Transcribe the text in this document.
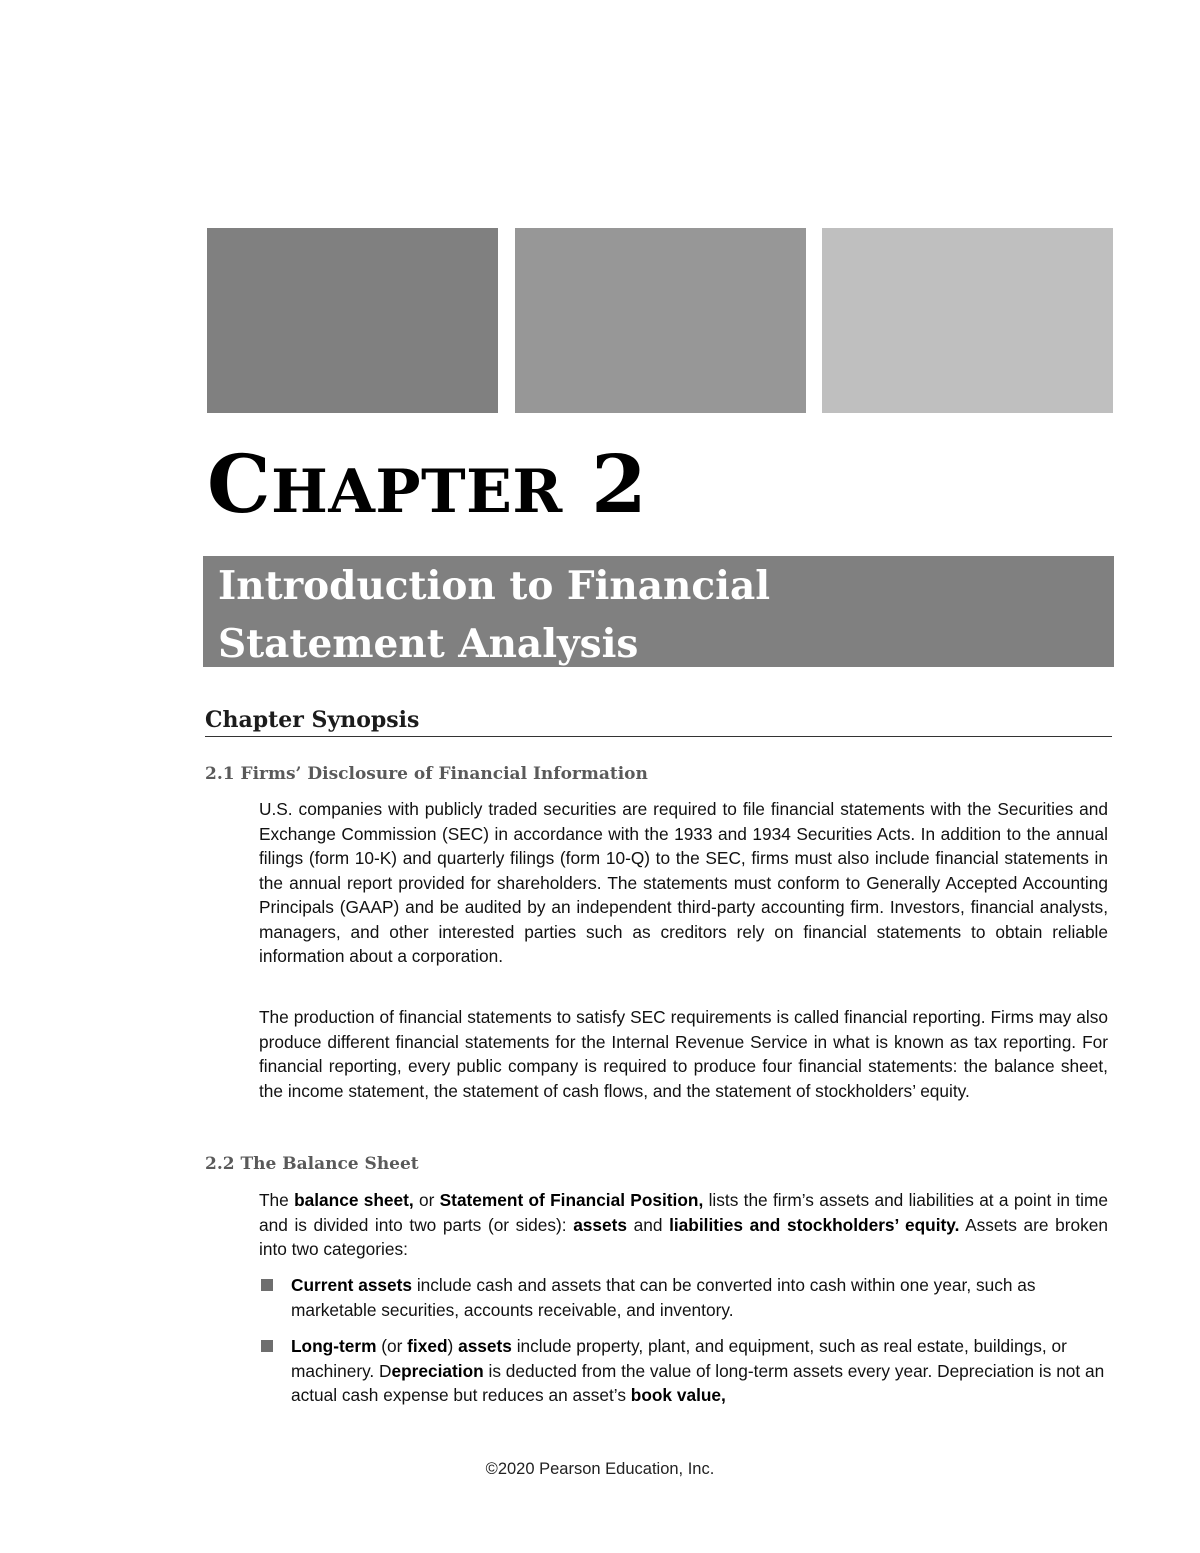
CHAPTER 2
Introduction to Financial
Statement Analysis
Chapter Synopsis
2.1 Firms’ Disclosure of Financial Information

U.S. companies with publicly traded securities are required to file financial statements with the Securities and Exchange Commission (SEC) in accordance with the 1933 and 1934 Securities Acts. In addition to the annual filings (form 10-K) and quarterly filings (form 10-Q) to the SEC, firms must also include financial statements in the annual report provided for shareholders. The statements must conform to Generally Accepted Accounting Principals (GAAP) and be audited by an independent third-party accounting firm. Investors, financial analysts, managers, and other interested parties such as creditors rely on financial statements to obtain reliable information about a corporation.

The production of financial statements to satisfy SEC requirements is called financial reporting. Firms may also produce different financial statements for the Internal Revenue Service in what is known as tax reporting. For financial reporting, every public company is required to produce four financial statements: the balance sheet, the income statement, the statement of cash flows, and the statement of stockholders’ equity.

2.2 The Balance Sheet

The balance sheet, or Statement of Financial Position, lists the firm’s assets and liabilities at a point in time and is divided into two parts (or sides): assets and liabilities and stockholders’ equity. Assets are broken into two categories:

Current assets include cash and assets that can be converted into cash within one year, such as marketable securities, accounts receivable, and inventory.
Long-term (or fixed) assets include property, plant, and equipment, such as real estate, buildings, or machinery. Depreciation is deducted from the value of long-term assets every year. Depreciation is not an actual cash expense but reduces an asset’s book value,
©2020 Pearson Education, Inc.
